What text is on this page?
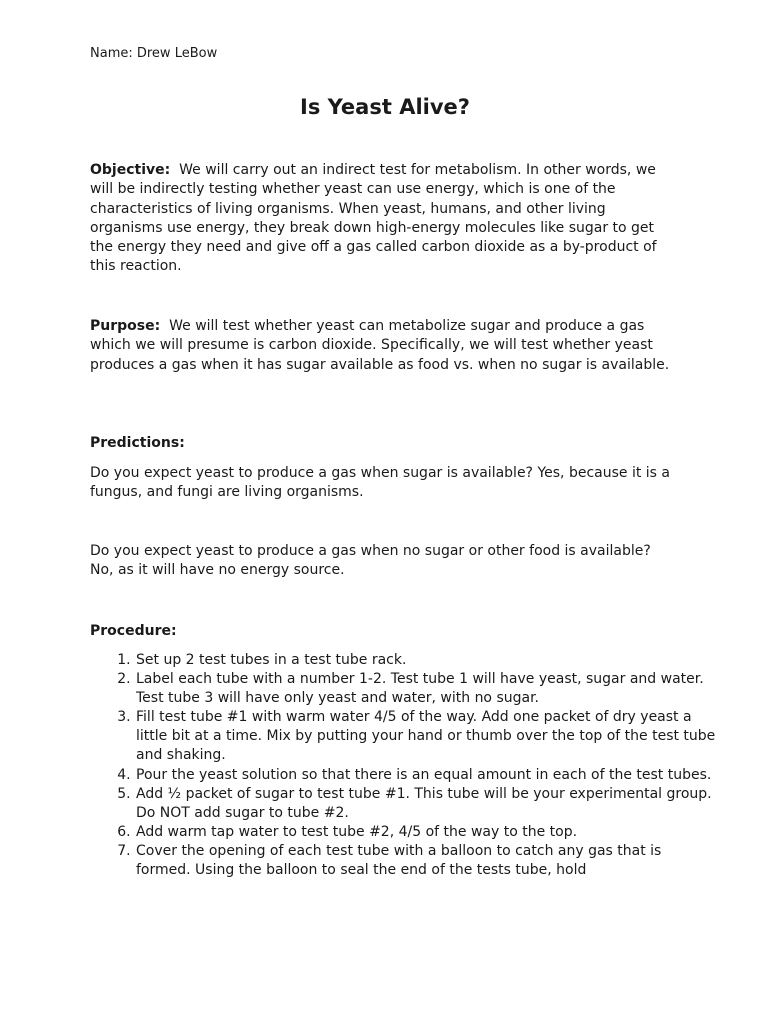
Name: Drew LeBow

Is Yeast Alive?

Objective: We will carry out an indirect test for metabolism. In other words, we will be indirectly testing whether yeast can use energy, which is one of the characteristics of living organisms. When yeast, humans, and other living organisms use energy, they break down high-energy molecules like sugar to get the energy they need and give off a gas called carbon dioxide as a by-product of this reaction.

Purpose: We will test whether yeast can metabolize sugar and produce a gas which we will presume is carbon dioxide. Specifically, we will test whether yeast produces a gas when it has sugar available as food vs. when no sugar is available.

Predictions:

Do you expect yeast to produce a gas when sugar is available? Yes, because it is a fungus, and fungi are living organisms.

Do you expect yeast to produce a gas when no sugar or other food is available? No, as it will have no energy source.

Procedure:

1. Set up 2 test tubes in a test tube rack.
2. Label each tube with a number 1-2. Test tube 1 will have yeast, sugar and water. Test tube 3 will have only yeast and water, with no sugar.
3. Fill test tube #1 with warm water 4/5 of the way. Add one packet of dry yeast a little bit at a time. Mix by putting your hand or thumb over the top of the test tube and shaking.
4. Pour the yeast solution so that there is an equal amount in each of the test tubes.
5. Add ½ packet of sugar to test tube #1. This tube will be your experimental group. Do NOT add sugar to tube #2.
6. Add warm tap water to test tube #2, 4/5 of the way to the top.
7. Cover the opening of each test tube with a balloon to catch any gas that is formed. Using the balloon to seal the end of the tests tube, hold
